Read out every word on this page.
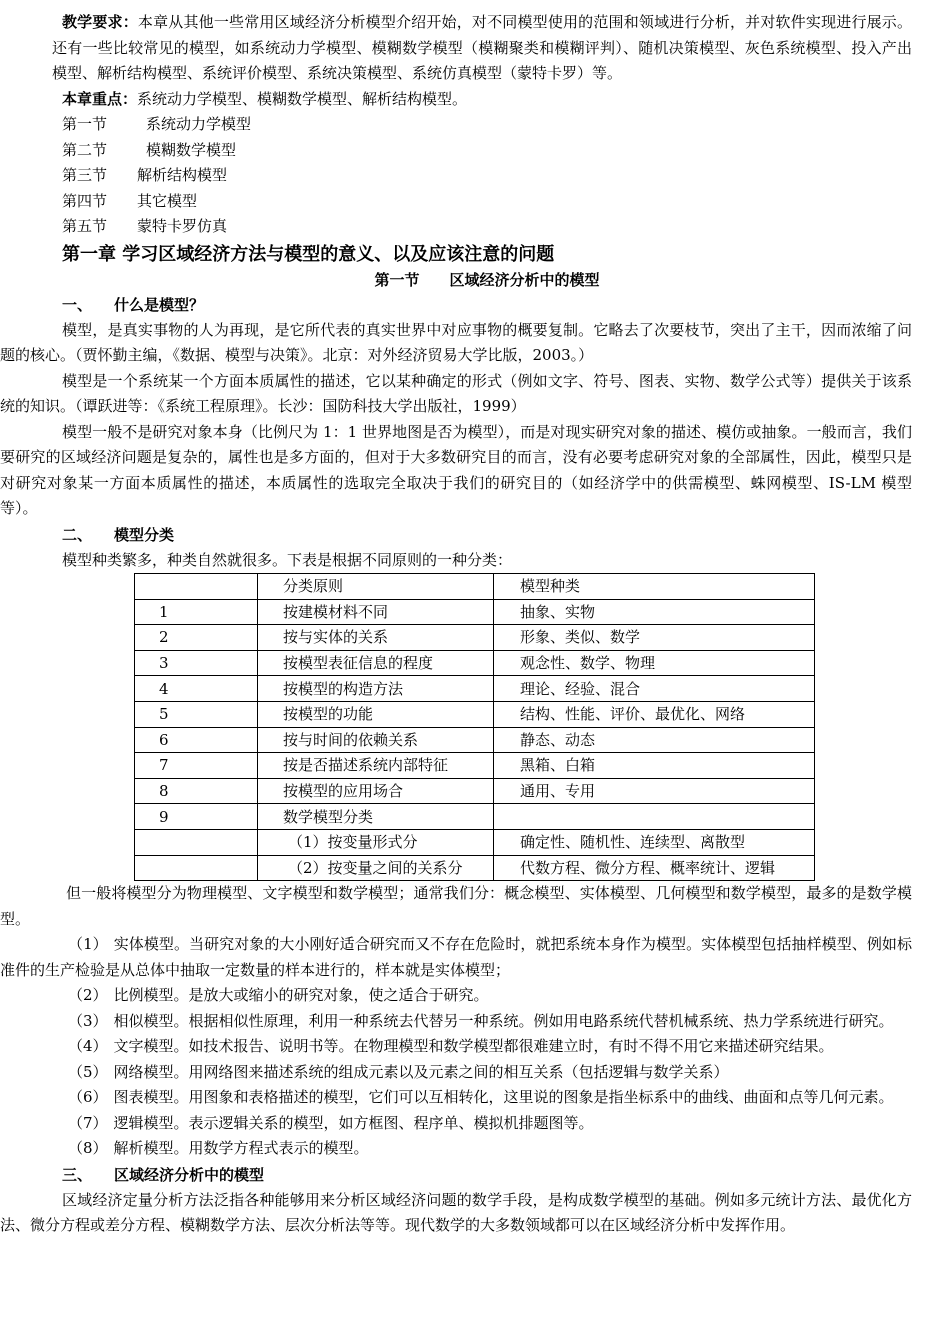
教学要求：本章从其他一些常用区域经济分析模型介绍开始，对不同模型使用的范围和领域进行分析，并对软件实现进行展示。还有一些比较常见的模型，如系统动力学模型、模糊数学模型（模糊聚类和模糊评判）、随机决策模型、灰色系统模型、投入产出模型、解析结构模型、系统评价模型、系统决策模型、系统仿真模型（蒙特卡罗）等。

本章重点：系统动力学模型、模糊数学模型、解析结构模型。

第一节	系统动力学模型
第二节	模糊数学模型
第三节 解析结构模型
第四节 其它模型
第五节 蒙特卡罗仿真
第一章 学习区域经济方法与模型的意义、以及应该注意的问题
第一节　　区域经济分析中的模型
一、 什么是模型？

模型，是真实事物的人为再现，是它所代表的真实世界中对应事物的概要复制。它略去了次要枝节，突出了主干，因而浓缩了问题的核心。（贾怀勤主编，《数据、模型与决策》。北京：对外经济贸易大学比版，2003。）

模型是一个系统某一个方面本质属性的描述，它以某种确定的形式（例如文字、符号、图表、实物、数学公式等）提供关于该系统的知识。（谭跃进等：《系统工程原理》。长沙：国防科技大学出版社，1999）

模型一般不是研究对象本身（比例尺为 1：1 世界地图是否为模型），而是对现实研究对象的描述、模仿或抽象。一般而言，我们要研究的区域经济问题是复杂的，属性也是多方面的，但对于大多数研究目的而言，没有必要考虑研究对象的全部属性，因此，模型只是对研究对象某一方面本质属性的描述，本质属性的选取完全取决于我们的研究目的（如经济学中的供需模型、蛛网模型、IS-LM 模型等）。

二、 模型分类

模型种类繁多，种类自然就很多。下表是根据不同原则的一种分类：

	分类原则	模型种类
1	按建模材料不同	抽象、实物
2	按与实体的关系	形象、类似、数学
3	按模型表征信息的程度	观念性、数学、物理
4	按模型的构造方法	理论、经验、混合
5	按模型的功能	结构、性能、评价、最优化、网络
6	按与时间的依赖关系	静态、动态
7	按是否描述系统内部特征	黑箱、白箱
8	按模型的应用场合	通用、专用
9	数学模型分类	
	（1）按变量形式分	确定性、随机性、连续型、离散型
	（2）按变量之间的关系分	代数方程、微分方程、概率统计、逻辑

但一般将模型分为物理模型、文字模型和数学模型；通常我们分：概念模型、实体模型、几何模型和数学模型，最多的是数学模型。

（1） 实体模型。当研究对象的大小刚好适合研究而又不存在危险时，就把系统本身作为模型。实体模型包括抽样模型、例如标准件的生产检验是从总体中抽取一定数量的样本进行的，样本就是实体模型；

（2） 比例模型。是放大或缩小的研究对象，使之适合于研究。

（3） 相似模型。根据相似性原理，利用一种系统去代替另一种系统。例如用电路系统代替机械系统、热力学系统进行研究。

（4） 文字模型。如技术报告、说明书等。在物理模型和数学模型都很难建立时，有时不得不用它来描述研究结果。

（5） 网络模型。用网络图来描述系统的组成元素以及元素之间的相互关系（包括逻辑与数学关系）

（6） 图表模型。用图象和表格描述的模型，它们可以互相转化，这里说的图象是指坐标系中的曲线、曲面和点等几何元素。

（7） 逻辑模型。表示逻辑关系的模型，如方框图、程序单、模拟机排题图等。

（8） 解析模型。用数学方程式表示的模型。

三、 区域经济分析中的模型

区域经济定量分析方法泛指各种能够用来分析区域经济问题的数学手段，是构成数学模型的基础。例如多元统计方法、最优化方法、微分方程或差分方程、模糊数学方法、层次分析法等等。现代数学的大多数领域都可以在区域经济分析中发挥作用。
